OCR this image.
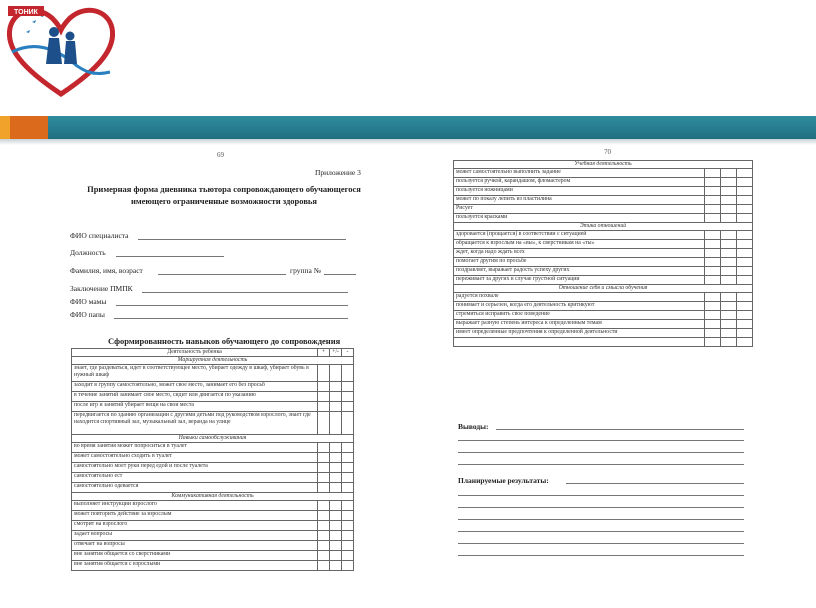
ТОНИК
69
Приложение 3
Примерная форма дневника тьютора сопровождающего обучающегося
имеющего ограниченные возможности здоровья
ФИО специалиста
Должность
Фамилия, имя, возраст	группа №
Заключение ПМПК
ФИО мамы
ФИО папы
Сформированность навыков обучающего до сопровождения
Деятельность ребенка	+	+/-	-
Маршрутная деятельность			
знает, где раздеваться, идет в соответствующее место, убирает одежду в шкаф, убирает обувь в нужный шкаф			
заходит в группу самостоятельно, может свое место, занимает его без просьб			
в течение занятий занимает свое место, сидит или двигается по указанию			
после игр и занятий убирает вещи на свои места			
передвигается по зданию организации с другими детьми под руководством взрослого, знает где находится спортивный зал, музыкальный зал, веранда на улице			
Навыки самообслуживания			
во время занятия может попроситься в туалет			
может самостоятельно сходить в туалет			
самостоятельно моет руки перед едой и после туалета			
самостоятельно ест			
самостоятельно одевается			
Коммуникативная деятельность			
выполняет инструкции взрослого			
может повторить действие за взрослым			
смотрит на взрослого			
задает вопросы			
отвечает на вопросы			
вне занятия общается со сверстниками			
вне занятия общается с взрослыми			
70
Учебная деятельность			
может самостоятельно выполнить задание			
пользуется ручкой, карандашом, фломастером			
пользуется ножницами			
может по показу лепить из пластилина			
Рисует			
пользуется красками			
Этика отношений			
здоровается (прощается) в соответствии с ситуацией			
обращается к взрослым на «вы», к сверстникам на «ты»			
ждет, когда надо ждать всех			
помогает другим по просьбе			
поздравляет, выражает радость успеху других			
переживает за других в случае грустной ситуации			
Отношение себя и смысла обучения			
радуется похвале			
понимает и серьезен, когда его деятельность критикуют			
стремиться исправить свое поведение			
выражает разную степень интереса к определенным темам			
имеет определенные предпочтения к определенной деятельности			

Выводы:
Планируемые результаты:
